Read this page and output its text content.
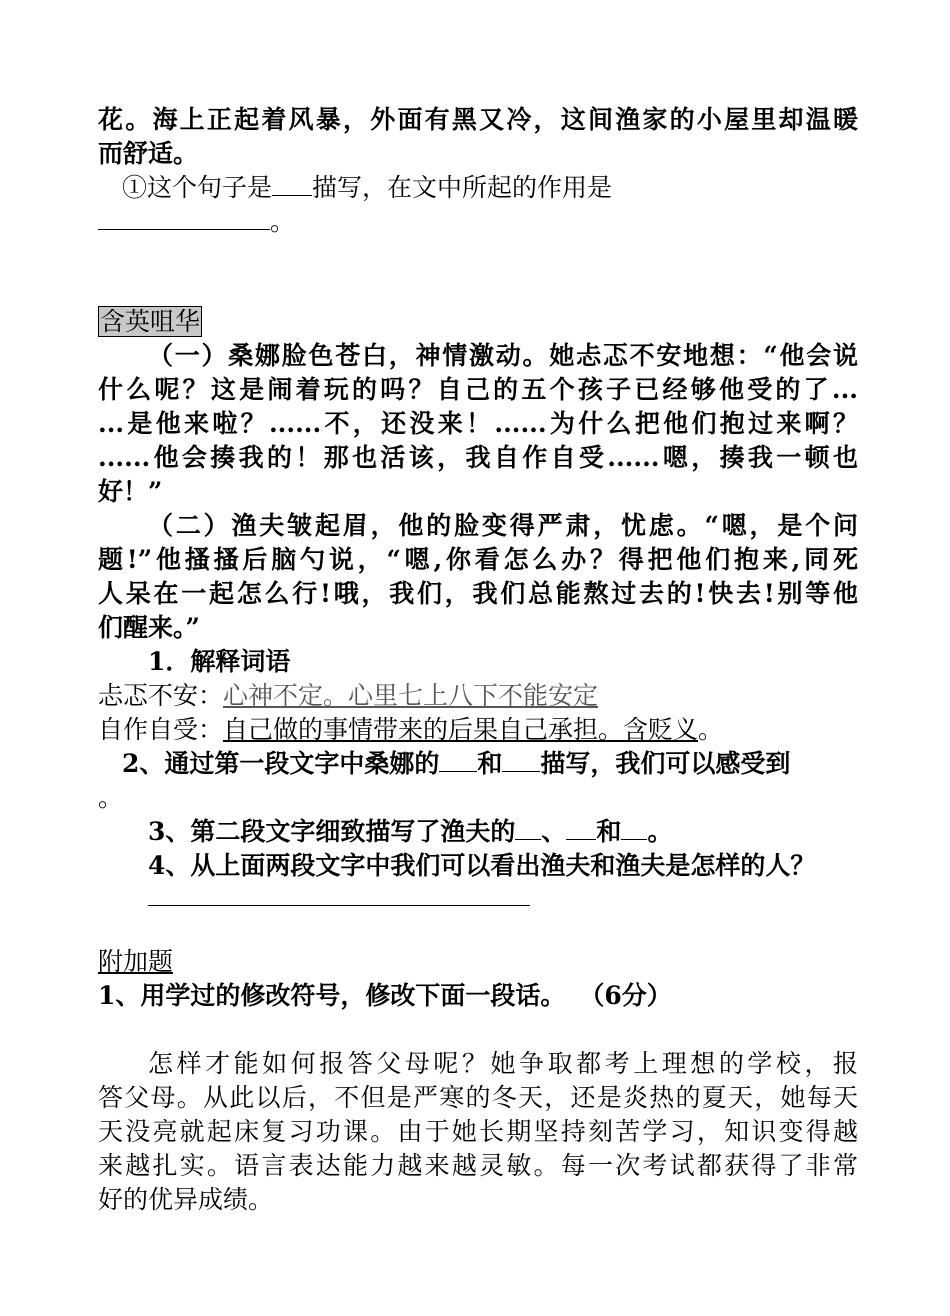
花。海上正起着风暴，外面有黑又冷，这间渔家的小屋里却温暖
而舒适。
①这个句子是 描写，在文中所起的作用是
。
含英咀华
（一）桑娜脸色苍白，神情激动。她忐忑不安地想：“他会说
什么呢？这是闹着玩的吗？自己的五个孩子已经够他受的了...
...是他来啦？......不，还没来！......为什么把他们抱过来啊？
......他会揍我的！那也活该，我自作自受......嗯，揍我一顿也
好！”
（二）渔夫皱起眉，他的脸变得严肃，忧虑。“嗯，是个问
题!”他搔搔后脑勺说，“嗯,你看怎么办？得把他们抱来,同死
人呆在一起怎么行!哦，我们，我们总能熬过去的!快去!别等他
们醒来。”
1．解释词语
忐忑不安：心神不定。心里七上八下不能安定
自作自受：自己做的事情带来的后果自己承担。含贬义。
2、通过第一段文字中桑娜的 和 描写，我们可以感受到
。
3、第二段文字细致描写了渔夫的 、 和 。
4、从上面两段文字中我们可以看出渔夫和渔夫是怎样的人？
附加题
1、用学过的修改符号，修改下面一段话。 （6分）
怎样才能如何报答父母呢？她争取都考上理想的学校，报
答父母。从此以后，不但是严寒的冬天，还是炎热的夏天，她每天
天没亮就起床复习功课。由于她长期坚持刻苦学习，知识变得越
来越扎实。语言表达能力越来越灵敏。每一次考试都获得了非常
好的优异成绩。
